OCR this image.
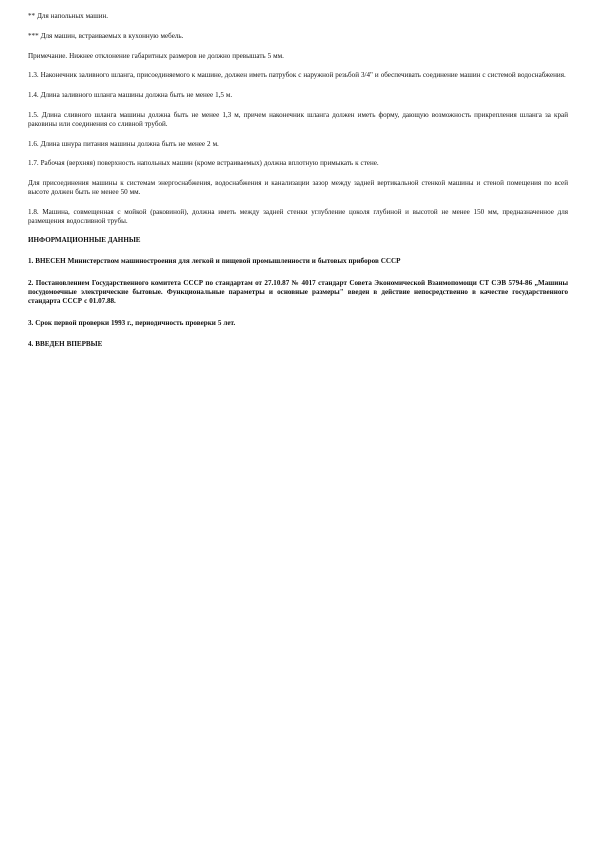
** Для напольных машин.

*** Для машин, встраиваемых в кухонную мебель.

Примечание. Нижнее отклонение габаритных размеров не должно превышать 5 мм.

1.3. Наконечник заливного шланга, присоединяемого к машине, должен иметь патрубок с наружной резьбой 3/4" и обеспечивать соединение машин с системой водоснабжения.

1.4. Длина заливного шланга машины должна быть не менее 1,5 м.

1.5. Длина сливного шланга машины должна быть не менее 1,3 м, причем наконечник шланга должен иметь форму, дающую возможность прикрепления шланга за край раковины или соединения со сливной трубой.

1.6. Длина шнура питания машины должна быть не менее 2 м.

1.7. Рабочая (верхняя) поверхность напольных машин (кроме встраиваемых) должна вплотную примыкать к стене.

Для присоединения машины к системам энергоснабжения, водоснабжения и канализации зазор между задней вертикальной стенкой машины и стеной помещения по всей высоте должен быть не менее 50 мм.

1.8. Машина, совмещенная с мойкой (раковиной), должна иметь между задней стенки углубление цоколя глубиной и высотой не менее 150 мм, предназначенное для размещения водосливной трубы.

ИНФОРМАЦИОННЫЕ ДАННЫЕ

1. ВНЕСЕН Министерством машиностроения для легкой и пищевой промышленности и бытовых приборов СССР

2. Постановлением Государственного комитета СССР по стандартам от 27.10.87 № 4017 стандарт Совета Экономической Взаимопомощи СТ СЭВ 5794-86 „Машины посудомоечные электрические бытовые. Функциональные параметры и основные размеры" введен в действие непосредственно в качестве государственного стандарта СССР с 01.07.88.

3. Срок первой проверки 1993 г., периодичность проверки 5 лет.

4. ВВЕДЕН ВПЕРВЫЕ
